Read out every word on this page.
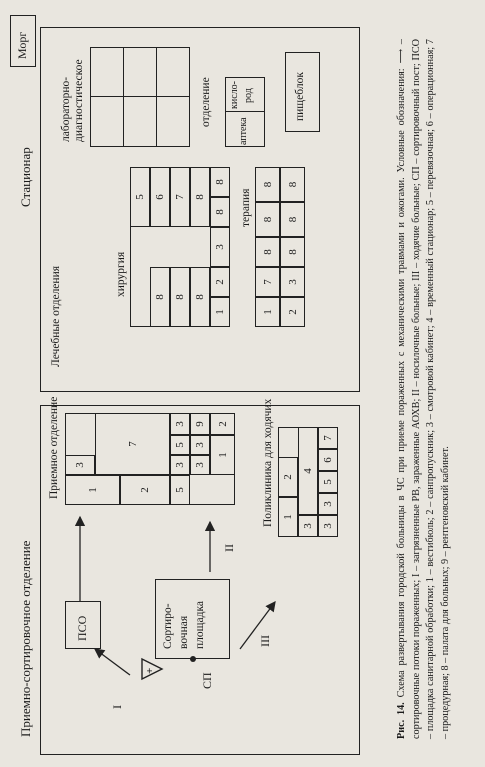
Приемно-сортировочное отделение	ПСО	Сортиро- вочная площадка
+
СП
I
II
III
Приемное отделение	1	2
3
7
3
5
3
5
3
3
9
1
2	Поликлиника для ходячих 1
2
3
4
3
3
5
6
7
Стационар
Лечебные отделения	хирургия
5
8
6
8
7
8
8
1
8
2
3
8	терапия
1
7
8
8
8
2
3
8
8
8
лабораторно- диагностическое	отделение
аптека
кисло- род	пищеблок
Морг
Рис. 14. Схема развертывания городской больницы в ЧС при приеме пораженных с механическими травмами и ожогами. Условные обозначения: ⟶ – сортировочные потоки пораженных; I – загрязненные РВ, зараженные АОХВ; II – носилочные больные; III – ходячие больные; СП – сортировочный пост; ПСО – площадка санитарной обработки; 1 – вестибюль; 2 – санпропускник; 3 – смотровой кабинет; 4 – временный стационар; 5 – перевязочная; 6 – операционная; 7 – процедурная; 8 – палата для больных; 9 – рентгеновский кабинет.
